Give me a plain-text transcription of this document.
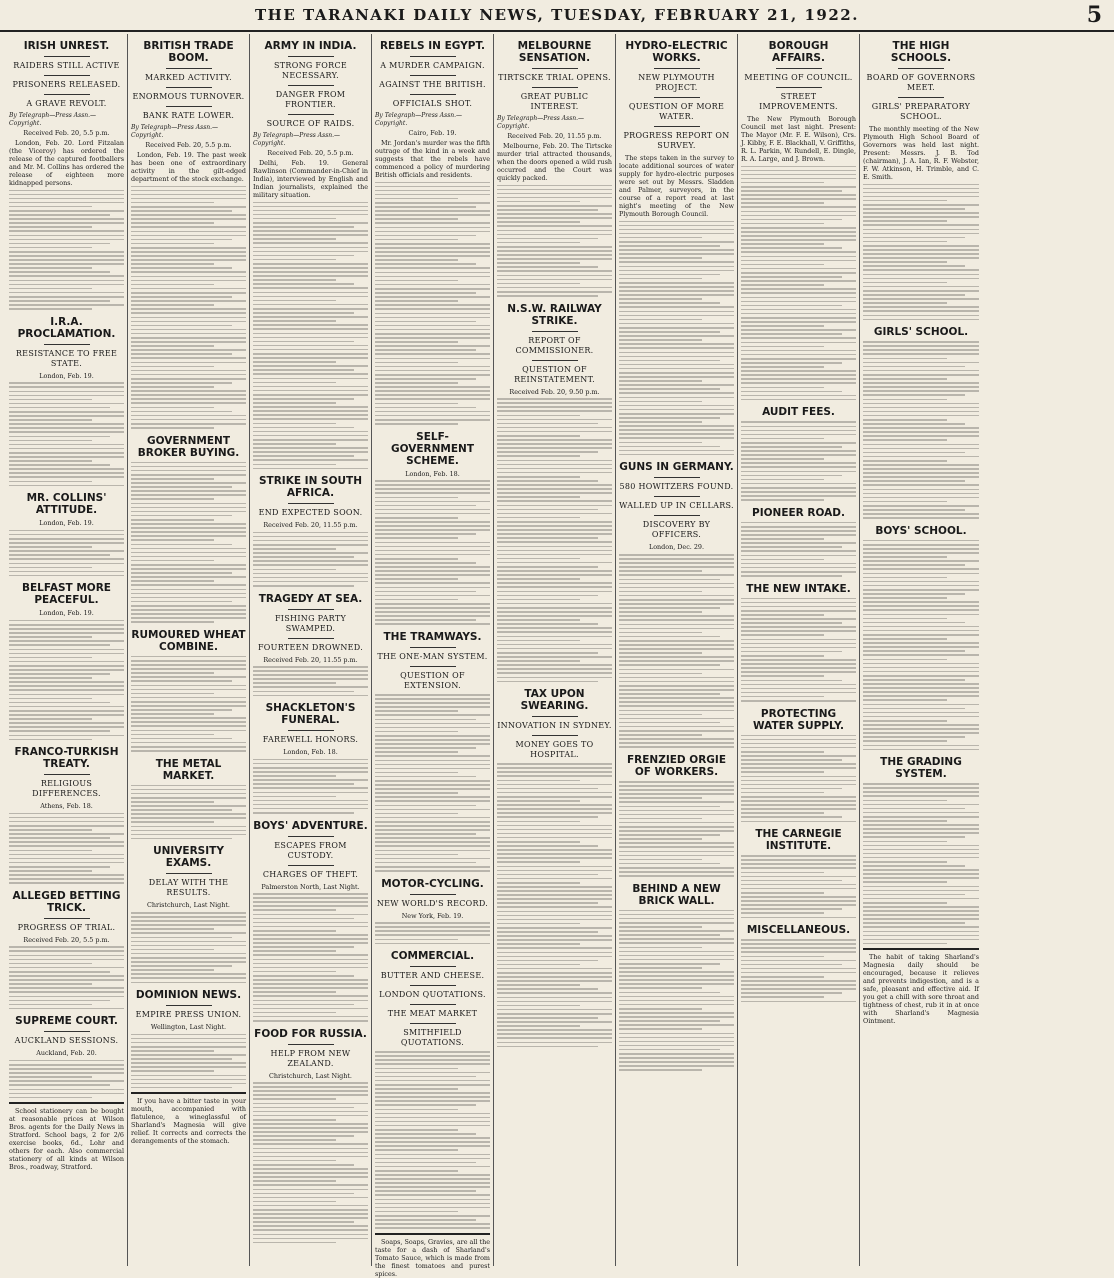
THE TARANAKI DAILY NEWS, TUESDAY, FEBRUARY 21, 1922.	5
IRISH UNREST.
RAIDERS STILL ACTIVE
PRISONERS RELEASED.
A GRAVE REVOLT.
By Telegraph—Press Assn.—Copyright.
Received Feb. 20, 5.5 p.m.

London, Feb. 20. Lord Fitzalan (the Viceroy) has ordered the release of the captured footballers and Mr. M. Collins has ordered the release of eighteen more kidnapped persons.

I.R.A. PROCLAMATION.
RESISTANCE TO FREE STATE.
London, Feb. 19.
MR. COLLINS' ATTITUDE.
London, Feb. 19.
BELFAST MORE PEACEFUL.
London, Feb. 19.
FRANCO-TURKISH TREATY.
RELIGIOUS DIFFERENCES.
Athens, Feb. 18.
ALLEGED BETTING TRICK.
PROGRESS OF TRIAL.
Received Feb. 20, 5.5 p.m.
SUPREME COURT.
AUCKLAND SESSIONS.
Auckland, Feb. 20.

School stationery can be bought at reasonable prices at Wilson Bros. agents for the Daily News in Stratford. School bags, 2 for 2/6 exercise books, 6d., Lohr and others for each. Also commercial stationery of all kinds at Wilson Bros., roadway, Stratford.

BRITISH TRADE BOOM.
MARKED ACTIVITY.
ENORMOUS TURNOVER.
BANK RATE LOWER.
By Telegraph—Press Assn.—Copyright.
Received Feb. 20, 5.5 p.m.

London, Feb. 19. The past week has been one of extraordinary activity in the gilt-edged department of the stock exchange.

GOVERNMENT BROKER BUYING.
RUMOURED WHEAT COMBINE.
THE METAL MARKET.
UNIVERSITY EXAMS.
DELAY WITH THE RESULTS.
Christchurch, Last Night.
DOMINION NEWS.
EMPIRE PRESS UNION.
Wellington, Last Night.

If you have a bitter taste in your mouth, accompanied with flatulence, a wineglassful of Sharland's Magnesia will give relief. It corrects and corrects the derangements of the stomach.

ARMY IN INDIA.
STRONG FORCE NECESSARY.
DANGER FROM FRONTIER.
SOURCE OF RAIDS.
By Telegraph—Press Assn.—Copyright.
Received Feb. 20, 5.5 p.m.

Delhi, Feb. 19. General Rawlinson (Commander-in-Chief in India), interviewed by English and Indian journalists, explained the military situation.

STRIKE IN SOUTH AFRICA.
END EXPECTED SOON.
Received Feb. 20, 11.55 p.m.
TRAGEDY AT SEA.
FISHING PARTY SWAMPED.
FOURTEEN DROWNED.
Received Feb. 20, 11.55 p.m.
SHACKLETON'S FUNERAL.
FAREWELL HONORS.
London, Feb. 18.
BOYS' ADVENTURE.
ESCAPES FROM CUSTODY.
CHARGES OF THEFT.
Palmerston North, Last Night.
FOOD FOR RUSSIA.
HELP FROM NEW ZEALAND.
Christchurch, Last Night.
REBELS IN EGYPT.
A MURDER CAMPAIGN.
AGAINST THE BRITISH.
OFFICIALS SHOT.
By Telegraph—Press Assn.—Copyright.
Cairo, Feb. 19.

Mr. Jordan's murder was the fifth outrage of the kind in a week and suggests that the rebels have commenced a policy of murdering British officials and residents.

SELF-GOVERNMENT SCHEME.
London, Feb. 18.
THE TRAMWAYS.
THE ONE-MAN SYSTEM.
QUESTION OF EXTENSION.
MOTOR-CYCLING.
NEW WORLD'S RECORD.
New York, Feb. 19.
COMMERCIAL.
BUTTER AND CHEESE.
LONDON QUOTATIONS.
THE MEAT MARKET
SMITHFIELD QUOTATIONS.

Soaps, Soaps, Gravies, are all the taste for a dash of Sharland's Tomato Sauce, which is made from the finest tomatoes and purest spices.

MELBOURNE SENSATION.
TIRTSCKE TRIAL OPENS.
GREAT PUBLIC INTEREST.
By Telegraph—Press Assn.—Copyright.
Received Feb. 20, 11.55 p.m.

Melbourne, Feb. 20. The Tirtscke murder trial attracted thousands, when the doors opened a wild rush occurred and the Court was quickly packed.

N.S.W. RAILWAY STRIKE.
REPORT OF COMMISSIONER.
QUESTION OF REINSTATEMENT.
Received Feb. 20, 9.50 p.m.
TAX UPON SWEARING.
INNOVATION IN SYDNEY.
MONEY GOES TO HOSPITAL.
HYDRO-ELECTRIC WORKS.
NEW PLYMOUTH PROJECT.
QUESTION OF MORE WATER.
PROGRESS REPORT ON SURVEY.

The steps taken in the survey to locate additional sources of water supply for hydro-electric purposes were set out by Messrs. Sladden and Palmer, surveyors, in the course of a report read at last night's meeting of the New Plymouth Borough Council.

GUNS IN GERMANY.
580 HOWITZERS FOUND.
WALLED UP IN CELLARS.
DISCOVERY BY OFFICERS.
London, Dec. 29.
FRENZIED ORGIE OF WORKERS.
BEHIND A NEW BRICK WALL.
BOROUGH AFFAIRS.
MEETING OF COUNCIL.
STREET IMPROVEMENTS.

The New Plymouth Borough Council met last night. Present: The Mayor (Mr. F. E. Wilson), Crs. J. Kibby, F. E. Blackhall, V. Griffiths, R. L. Parkin, W. Rundell, E. Dingle, R. A. Large, and J. Brown.

AUDIT FEES.
PIONEER ROAD.
THE NEW INTAKE.
PROTECTING WATER SUPPLY.
THE CARNEGIE INSTITUTE.
MISCELLANEOUS.
THE HIGH SCHOOLS.
BOARD OF GOVERNORS MEET.
GIRLS' PREPARATORY SCHOOL.

The monthly meeting of the New Plymouth High School Board of Governors was held last night. Present: Messrs. J. B. Tod (chairman), J. A. Ian, R. F. Webster, F. W. Atkinson, H. Trimble, and C. E. Smith.

GIRLS' SCHOOL.
BOYS' SCHOOL.
THE GRADING SYSTEM.

The habit of taking Sharland's Magnesia daily should be encouraged, because it relieves and prevents indigestion, and is a safe, pleasant and effective aid. If you get a chill with sore throat and tightness of chest, rub it in at once with Sharland's Magnesia Ointment.
